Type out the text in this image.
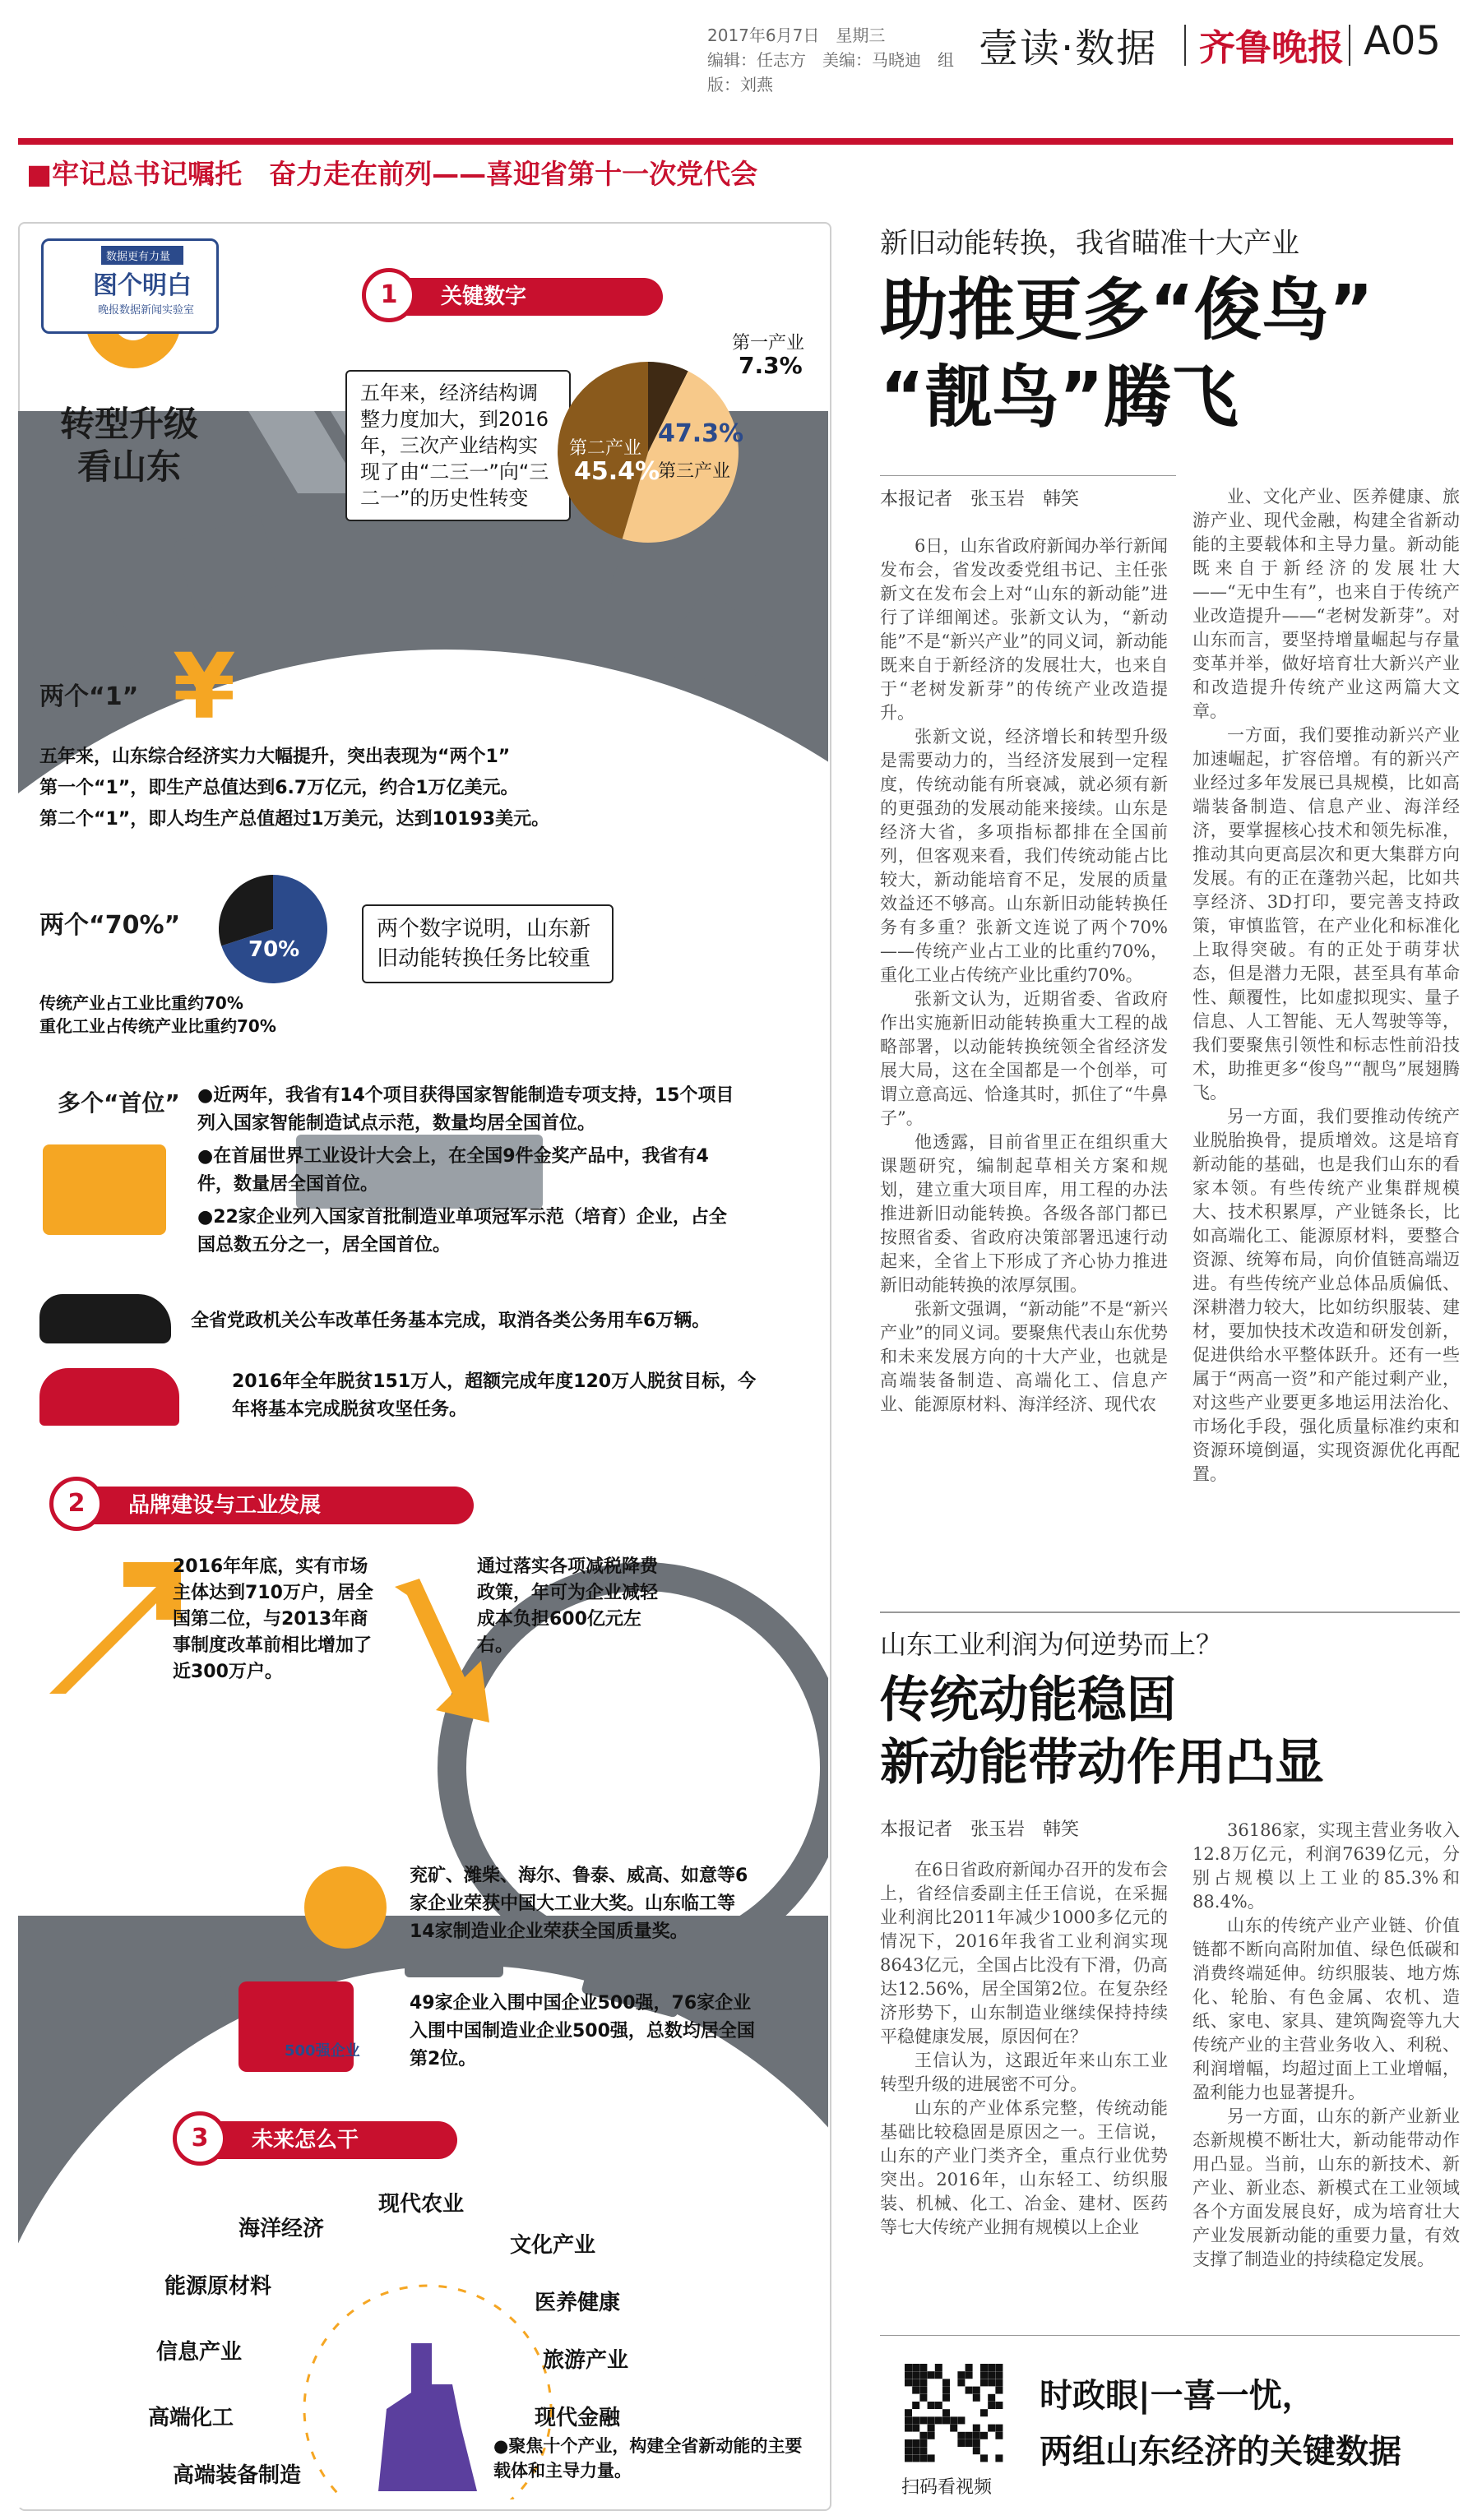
2017年6月7日　星期三
编辑：任志方　美编：马晓迪　组版：刘燕
壹读·数据 齐鲁晚报 A05
■牢记总书记嘱托　奋力走在前列——喜迎省第十一次党代会
数据更有力量
图个明白
晚报数据新闻实验室
转型升级
看山东
关键数字
1
五年来，经济结构调整力度加大，到2016年，三次产业结构实现了由“二三一”向“三二一”的历史性转变
第一产业
7.3%
第二产业
45.4%
47.3%
第三产业
两个“1” ¥
五年来，山东综合经济实力大幅提升，突出表现为“两个1”
第一个“1”，即生产总值达到6.7万亿元，约合1万亿美元。
第二个“1”，即人均生产总值超过1万美元，达到10193美元。
两个“70%”
70%
两个数字说明，山东新旧动能转换任务比较重
传统产业占工业比重约70%
重化工业占传统产业比重约70%
多个“首位” ●近两年，我省有14个项目获得国家智能制造专项支持，15个项目列入国家智能制造试点示范，数量均居全国首位。
●在首届世界工业设计大会上，在全国9件金奖产品中，我省有4件，数量居全国首位。
●22家企业列入国家首批制造业单项冠军示范（培育）企业，占全国总数五分之一，居全国首位。
全省党政机关公车改革任务基本完成，取消各类公务用车6万辆。
2016年全年脱贫151万人，超额完成年度120万人脱贫目标，今年将基本完成脱贫攻坚任务。
品牌建设与工业发展
2
2016年年底，实有市场主体达到710万户，居全国第二位，与2013年商事制度改革前相比增加了近300万户。
通过落实各项减税降费政策，年可为企业减轻成本负担600亿元左右。
兖矿、潍柴、海尔、鲁泰、威高、如意等6家企业荣获中国大工业大奖。山东临工等14家制造业企业荣获全国质量奖。
500强企业
49家企业入围中国企业500强，76家企业入围中国制造业企业500强，总数均居全国第2位。
未来怎么干
3
海洋经济
现代农业
文化产业
能源原材料
医养健康
信息产业	旅游产业
高端化工	现代金融
高端装备制造
●聚焦十个产业，构建全省新动能的主要载体和主导力量。
新旧动能转换，我省瞄准十大产业
助推更多“俊鸟”
“靓鸟”腾飞
本报记者　张玉岩　韩笑

6日，山东省政府新闻办举行新闻发布会，省发改委党组书记、主任张新文在发布会上对“山东的新动能”进行了详细阐述。张新文认为，“新动能”不是“新兴产业”的同义词，新动能既来自于新经济的发展壮大，也来自于“老树发新芽”的传统产业改造提升。

张新文说，经济增长和转型升级是需要动力的，当经济发展到一定程度，传统动能有所衰减，就必须有新的更强劲的发展动能来接续。山东是经济大省，多项指标都排在全国前列，但客观来看，我们传统动能占比较大，新动能培育不足，发展的质量效益还不够高。山东新旧动能转换任务有多重？张新文连说了两个70%——传统产业占工业的比重约70%，重化工业占传统产业比重约70%。

张新文认为，近期省委、省政府作出实施新旧动能转换重大工程的战略部署，以动能转换统领全省经济发展大局，这在全国都是一个创举，可谓立意高远、恰逢其时，抓住了“牛鼻子”。

他透露，目前省里正在组织重大课题研究，编制起草相关方案和规划，建立重大项目库，用工程的办法推进新旧动能转换。各级各部门都已按照省委、省政府决策部署迅速行动起来，全省上下形成了齐心协力推进新旧动能转换的浓厚氛围。

张新文强调，“新动能”不是“新兴产业”的同义词。要聚焦代表山东优势和未来发展方向的十大产业，也就是高端装备制造、高端化工、信息产业、能源原材料、海洋经济、现代农

业、文化产业、医养健康、旅游产业、现代金融，构建全省新动能的主要载体和主导力量。新动能既来自于新经济的发展壮大——“无中生有”，也来自于传统产业改造提升——“老树发新芽”。对山东而言，要坚持增量崛起与存量变革并举，做好培育壮大新兴产业和改造提升传统产业这两篇大文章。

一方面，我们要推动新兴产业加速崛起，扩容倍增。有的新兴产业经过多年发展已具规模，比如高端装备制造、信息产业、海洋经济，要掌握核心技术和领先标准，推动其向更高层次和更大集群方向发展。有的正在蓬勃兴起，比如共享经济、3D打印，要完善支持政策，审慎监管，在产业化和标准化上取得突破。有的正处于萌芽状态，但是潜力无限，甚至具有革命性、颠覆性，比如虚拟现实、量子信息、人工智能、无人驾驶等等，我们要聚焦引领性和标志性前沿技术，助推更多“俊鸟”“靓鸟”展翅腾飞。

另一方面，我们要推动传统产业脱胎换骨，提质增效。这是培育新动能的基础，也是我们山东的看家本领。有些传统产业集群规模大、技术积累厚，产业链条长，比如高端化工、能源原材料，要整合资源、统筹布局，向价值链高端迈进。有些传统产业总体品质偏低、深耕潜力较大，比如纺织服装、建材，要加快技术改造和研发创新，促进供给水平整体跃升。还有一些属于“两高一资”和产能过剩产业，对这些产业要更多地运用法治化、市场化手段，强化质量标准约束和资源环境倒逼，实现资源优化再配置。

山东工业利润为何逆势而上？
传统动能稳固
新动能带动作用凸显
本报记者　张玉岩　韩笑

在6日省政府新闻办召开的发布会上，省经信委副主任王信说，在采掘业利润比2011年减少1000多亿元的情况下，2016年我省工业利润实现8643亿元，全国占比没有下滑，仍高达12.56%，居全国第2位。在复杂经济形势下，山东制造业继续保持持续平稳健康发展，原因何在？

王信认为，这跟近年来山东工业转型升级的进展密不可分。

山东的产业体系完整，传统动能基础比较稳固是原因之一。王信说，山东的产业门类齐全，重点行业优势突出。2016年，山东轻工、纺织服装、机械、化工、冶金、建材、医药等七大传统产业拥有规模以上企业

36186家，实现主营业务收入12.8万亿元，利润7639亿元，分别占规模以上工业的85.3%和88.4%。

山东的传统产业产业链、价值链都不断向高附加值、绿色低碳和消费终端延伸。纺织服装、地方炼化、轮胎、有色金属、农机、造纸、家电、家具、建筑陶瓷等九大传统产业的主营业务收入、利税、利润增幅，均超过面上工业增幅，盈利能力也显著提升。

另一方面，山东的新产业新业态新规模不断壮大，新动能带动作用凸显。当前，山东的新技术、新产业、新业态、新模式在工业领域各个方面发展良好，成为培育壮大产业发展新动能的重要力量，有效支撑了制造业的持续稳定发展。

扫码看视频
时政眼|一喜一忧，
两组山东经济的关键数据
